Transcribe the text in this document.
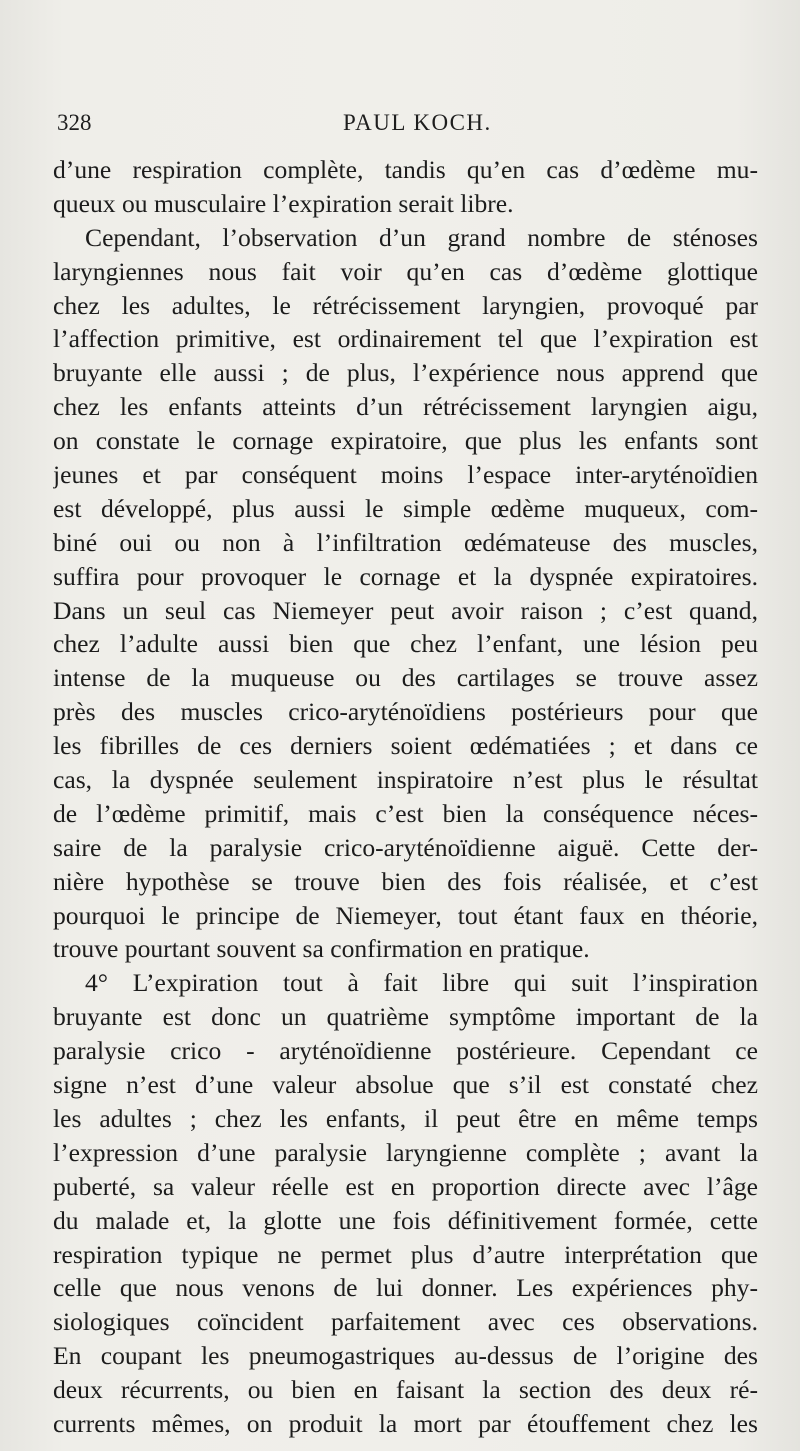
328	PAUL KOCH.
d’une respiration complète, tandis qu’en cas d’œdème mu-
queux ou musculaire l’expiration serait libre.
Cependant, l’observation d’un grand nombre de sténoses
laryngiennes nous fait voir qu’en cas d’œdème glottique
chez les adultes, le rétrécissement laryngien, provoqué par
l’affection primitive, est ordinairement tel que l’expiration est
bruyante elle aussi ; de plus, l’expérience nous apprend que
chez les enfants atteints d’un rétrécissement laryngien aigu,
on constate le cornage expiratoire, que plus les enfants sont
jeunes et par conséquent moins l’espace inter-aryténoïdien
est développé, plus aussi le simple œdème muqueux, com-
biné oui ou non à l’infiltration œdémateuse des muscles,
suffira pour provoquer le cornage et la dyspnée expiratoires.
Dans un seul cas Niemeyer peut avoir raison ; c’est quand,
chez l’adulte aussi bien que chez l’enfant, une lésion peu
intense de la muqueuse ou des cartilages se trouve assez
près des muscles crico-aryténoïdiens postérieurs pour que
les fibrilles de ces derniers soient œdématiées ; et dans ce
cas, la dyspnée seulement inspiratoire n’est plus le résultat
de l’œdème primitif, mais c’est bien la conséquence néces-
saire de la paralysie crico-aryténoïdienne aiguë. Cette der-
nière hypothèse se trouve bien des fois réalisée, et c’est
pourquoi le principe de Niemeyer, tout étant faux en théorie,
trouve pourtant souvent sa confirmation en pratique.
4° L’expiration tout à fait libre qui suit l’inspiration
bruyante est donc un quatrième symptôme important de la
paralysie crico - aryténoïdienne postérieure. Cependant ce
signe n’est d’une valeur absolue que s’il est constaté chez
les adultes ; chez les enfants, il peut être en même temps
l’expression d’une paralysie laryngienne complète ; avant la
puberté, sa valeur réelle est en proportion directe avec l’âge
du malade et, la glotte une fois définitivement formée, cette
respiration typique ne permet plus d’autre interprétation que
celle que nous venons de lui donner. Les expériences phy-
siologiques coïncident parfaitement avec ces observations.
En coupant les pneumogastriques au-dessus de l’origine des
deux récurrents, ou bien en faisant la section des deux ré-
currents mêmes, on produit la mort par étouffement chez les
